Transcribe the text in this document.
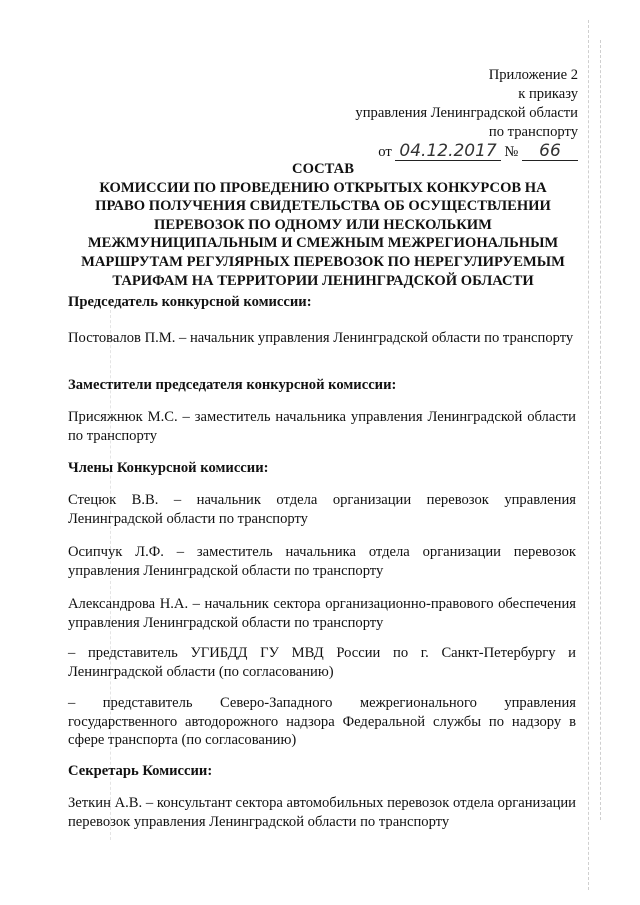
Приложение 2
к приказу
управления Ленинградской области
по транспорту
от 04.12.2017 № 66
СОСТАВ
КОМИССИИ ПО ПРОВЕДЕНИЮ ОТКРЫТЫХ КОНКУРСОВ НА
ПРАВО ПОЛУЧЕНИЯ СВИДЕТЕЛЬСТВА ОБ ОСУЩЕСТВЛЕНИИ
ПЕРЕВОЗОК ПО ОДНОМУ ИЛИ НЕСКОЛЬКИМ
МЕЖМУНИЦИПАЛЬНЫМ И СМЕЖНЫМ МЕЖРЕГИОНАЛЬНЫМ
МАРШРУТАМ РЕГУЛЯРНЫХ ПЕРЕВОЗОК ПО НЕРЕГУЛИРУЕМЫМ
ТАРИФАМ НА ТЕРРИТОРИИ ЛЕНИНГРАДСКОЙ ОБЛАСТИ
Председатель конкурсной комиссии:
Постовалов П.М. – начальник управления Ленинградской области по транспорту
Заместители председателя конкурсной комиссии:
Присяжнюк М.С. – заместитель начальника управления Ленинградской области по транспорту
Члены Конкурсной комиссии:
Стецюк В.В. – начальник отдела организации перевозок управления Ленинградской области по транспорту
Осипчук Л.Ф. – заместитель начальника отдела организации перевозок управления Ленинградской области по транспорту
Александрова Н.А. – начальник сектора организационно-правового обеспечения управления Ленинградской области по транспорту
– представитель УГИБДД ГУ МВД России по г. Санкт-Петербургу и Ленинградской области (по согласованию)
– представитель Северо-Западного межрегионального управления государственного автодорожного надзора Федеральной службы по надзору в сфере транспорта (по согласованию)
Секретарь Комиссии:
Зеткин А.В. – консультант сектора автомобильных перевозок отдела организации перевозок управления Ленинградской области по транспорту
